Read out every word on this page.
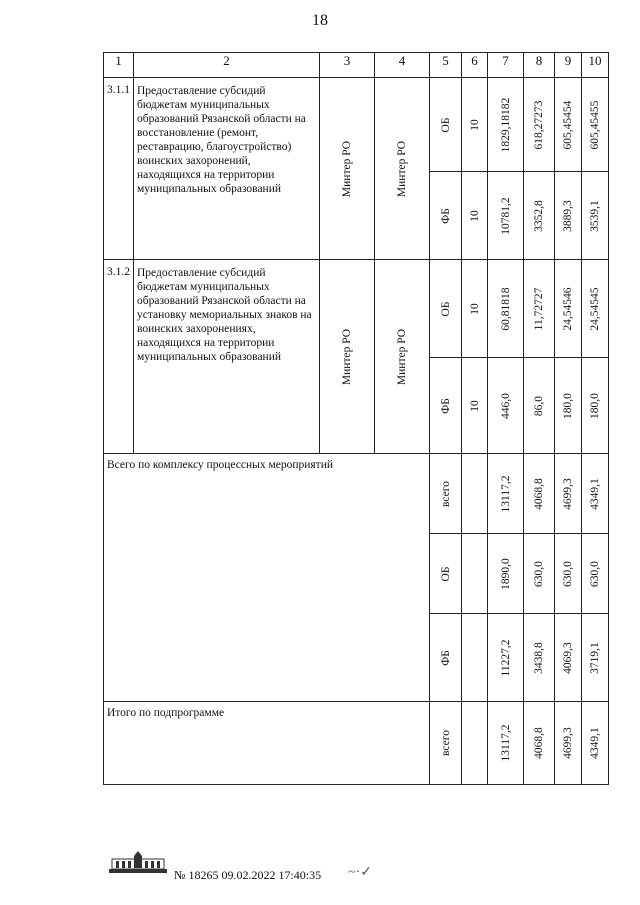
18
1	2	3	4	5	6	7	8	9	10
3.1.1	Предоставление субсидий бюджетам муниципальных образований Рязанской области на восстановление (ремонт, реставрацию, благоустройство) воинских захоронений, находящихся на территории муниципальных образований	Минтер РО	Минтер РО	ОБ	10	1829,18182	618,27273	605,45454	605,45455

				ФБ	10	10781,2	3352,8	3889,3	3539,1

3.1.2	Предоставление субсидий бюджетам муниципальных образований Рязанской области на установку мемориальных знаков на воинских захоронениях, находящихся на территории муниципальных образований	Минтер РО	Минтер РО	ОБ	10	60,81818	11,72727	24,54546	24,54545

				ФБ	10	446,0	86,0	180,0	180,0

Всего по комплексу процессных мероприятий				всего		13117,2	4068,8	4699,3	4349,1

				ОБ		1890,0	630,0	630,0	630,0

				ФБ		11227,2	3438,8	4069,3	3719,1

Итого по подпрограмме				всего		13117,2	4068,8	4699,3	4349,1
№ 18265 09.02.2022 17:40:35 ~·✓
